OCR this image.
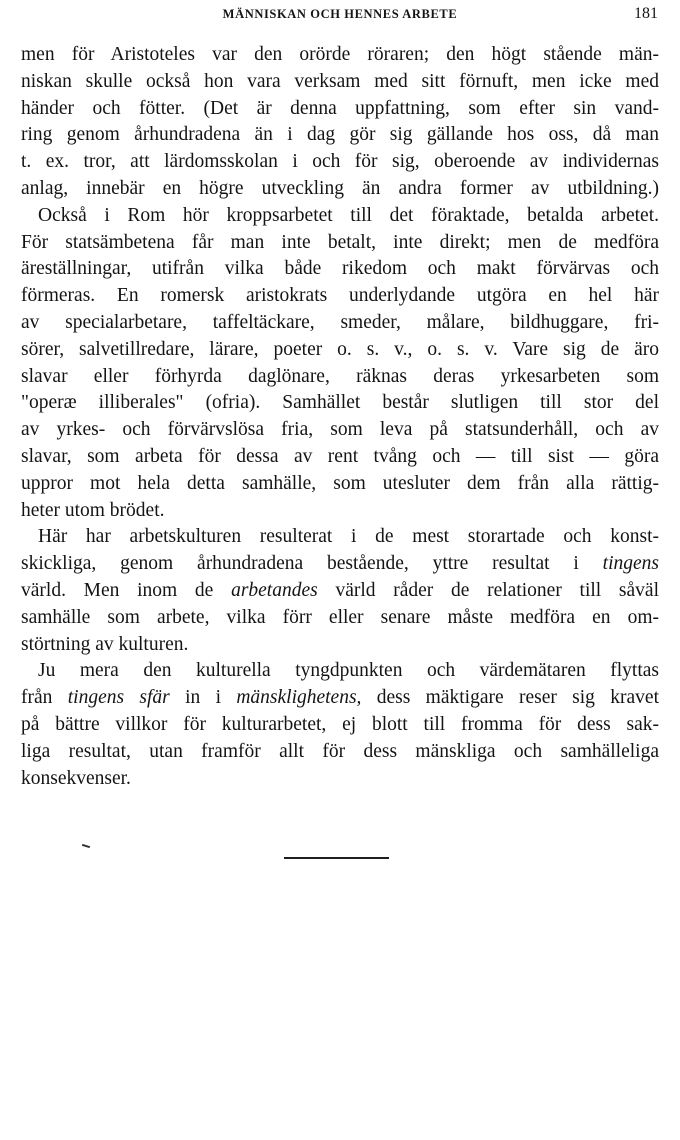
MÄNNISKAN OCH HENNES ARBETE	181
men för Aristoteles var den orörde röraren; den högt stående män-
niskan skulle också hon vara verksam med sitt förnuft, men icke med
händer och fötter. (Det är denna uppfattning, som efter sin vand-
ring genom århundradena än i dag gör sig gällande hos oss, då man
t. ex. tror, att lärdomsskolan i och för sig, oberoende av individernas
anlag, innebär en högre utveckling än andra former av utbildning.)
Också i Rom hör kroppsarbetet till det föraktade, betalda arbetet.
För statsämbetena får man inte betalt, inte direkt; men de medföra
äreställningar, utifrån vilka både rikedom och makt förvärvas och
förmeras. En romersk aristokrats underlydande utgöra en hel här
av specialarbetare, taffeltäckare, smeder, målare, bildhuggare, fri-
sörer, salvetillredare, lärare, poeter o. s. v., o. s. v. Vare sig de äro
slavar eller förhyrda daglönare, räknas deras yrkesarbeten som
"operæ illiberales" (ofria). Samhället består slutligen till stor del
av yrkes- och förvärvslösa fria, som leva på statsunderhåll, och av
slavar, som arbeta för dessa av rent tvång och — till sist — göra
uppror mot hela detta samhälle, som utesluter dem från alla rättig-
heter utom brödet.
Här har arbetskulturen resulterat i de mest storartade och konst-
skickliga, genom århundradena bestående, yttre resultat i tingens
värld. Men inom de arbetandes värld råder de relationer till såväl
samhälle som arbete, vilka förr eller senare måste medföra en om-
störtning av kulturen.
Ju mera den kulturella tyngdpunkten och värdemätaren flyttas
från tingens sfär in i mänsklighetens, dess mäktigare reser sig kravet
på bättre villkor för kulturarbetet, ej blott till fromma för dess sak-
liga resultat, utan framför allt för dess mänskliga och samhälleliga
konsekvenser.
